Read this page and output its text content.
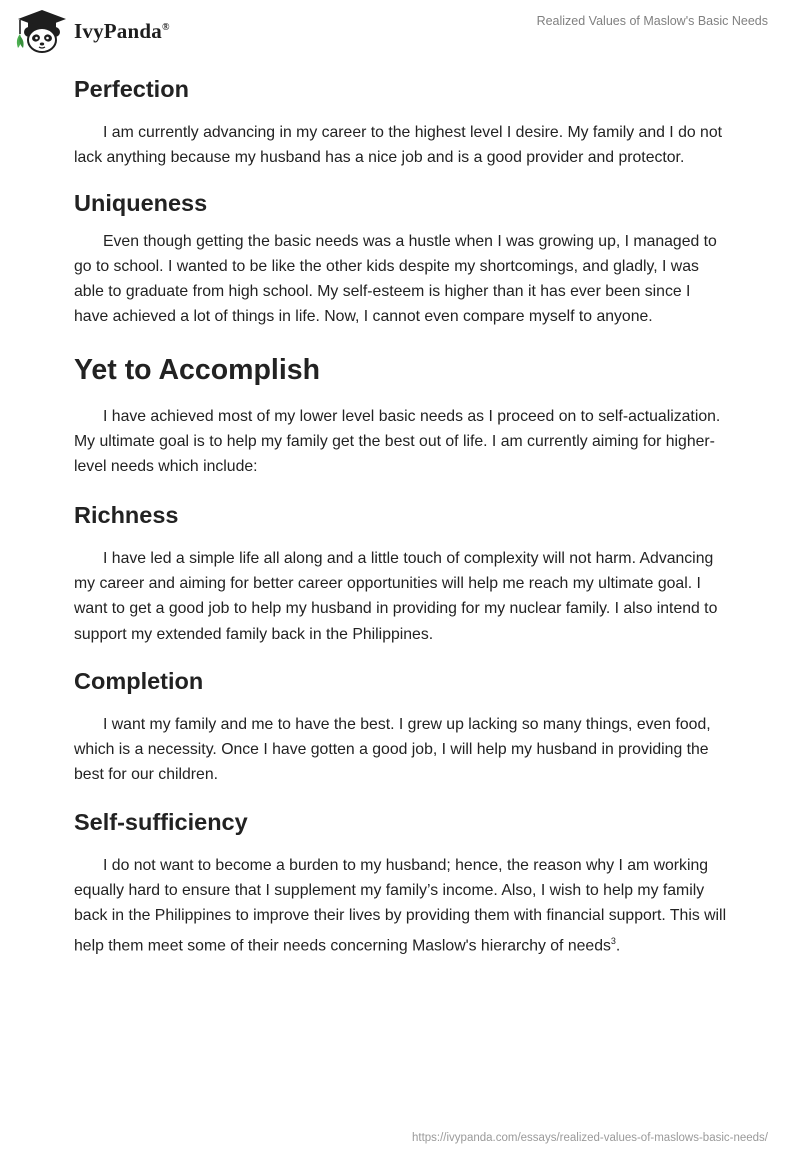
IvyPanda®	Realized Values of Maslow's Basic Needs
Perfection

I am currently advancing in my career to the highest level I desire. My family and I do not lack anything because my husband has a nice job and is a good provider and protector.

Uniqueness

Even though getting the basic needs was a hustle when I was growing up, I managed to go to school. I wanted to be like the other kids despite my shortcomings, and gladly, I was able to graduate from high school. My self-esteem is higher than it has ever been since I have achieved a lot of things in life. Now, I cannot even compare myself to anyone.

Yet to Accomplish

I have achieved most of my lower level basic needs as I proceed on to self-actualization. My ultimate goal is to help my family get the best out of life. I am currently aiming for higher-level needs which include:

Richness

I have led a simple life all along and a little touch of complexity will not harm. Advancing my career and aiming for better career opportunities will help me reach my ultimate goal. I want to get a good job to help my husband in providing for my nuclear family. I also intend to support my extended family back in the Philippines.

Completion

I want my family and me to have the best. I grew up lacking so many things, even food, which is a necessity. Once I have gotten a good job, I will help my husband in providing the best for our children.

Self-sufficiency

I do not want to become a burden to my husband; hence, the reason why I am working equally hard to ensure that I supplement my family’s income. Also, I wish to help my family back in the Philippines to improve their lives by providing them with financial support. This will help them meet some of their needs concerning Maslow's hierarchy of needs$^3$.

https://ivypanda.com/essays/realized-values-of-maslows-basic-needs/
